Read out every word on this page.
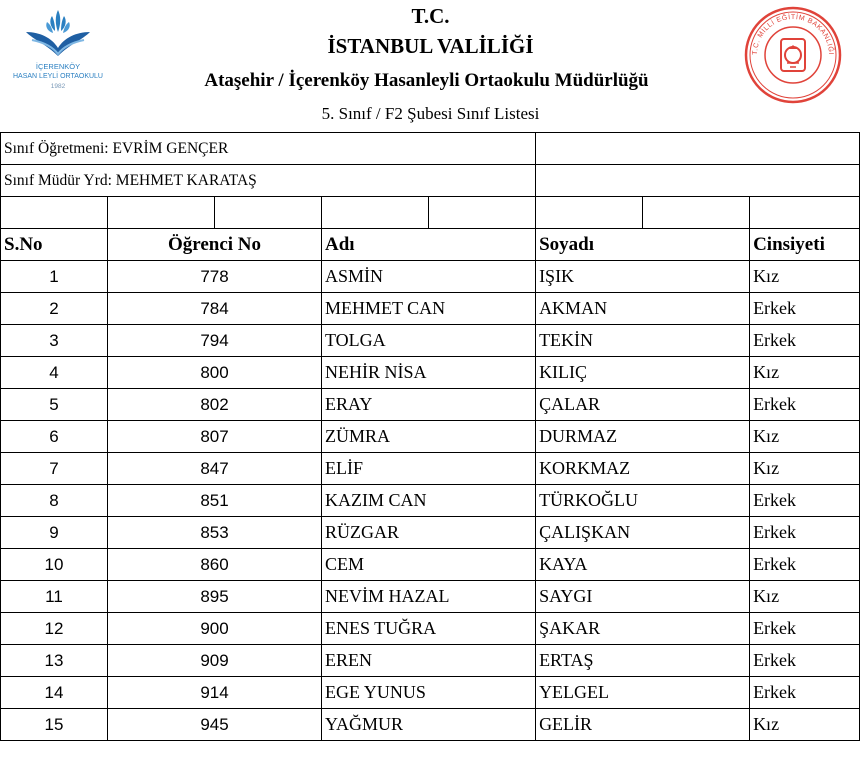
İÇERENKÖY
HASAN LEYLİ ORTAOKULU
1982
T.C.
İSTANBUL VALİLİĞİ
Ataşehir / İçerenköy Hasanleyli Ortaokulu Müdürlüğü
5. Sınıf / F2 Şubesi Sınıf Listesi
T.C. MİLLİ EĞİTİM BAKANLIĞI
Sınıf Öğretmeni: EVRİM GENÇER							
Sınıf Müdür Yrd: MEHMET KARATAŞ							

S.No	Öğrenci No		Adı		Soyadı		Cinsiyeti
1	778		ASMİN		IŞIK		Kız
2	784		MEHMET CAN		AKMAN		Erkek
3	794		TOLGA		TEKİN		Erkek
4	800		NEHİR NİSA		KILIÇ		Kız
5	802		ERAY		ÇALAR		Erkek
6	807		ZÜMRA		DURMAZ		Kız
7	847		ELİF		KORKMAZ		Kız
8	851		KAZIM CAN		TÜRKOĞLU		Erkek
9	853		RÜZGAR		ÇALIŞKAN		Erkek
10	860		CEM		KAYA		Erkek
11	895		NEVİM HAZAL		SAYGI		Kız
12	900		ENES TUĞRA		ŞAKAR		Erkek
13	909		EREN		ERTAŞ		Erkek
14	914		EGE YUNUS		YELGEL		Erkek
15	945		YAĞMUR		GELİR		Kız
